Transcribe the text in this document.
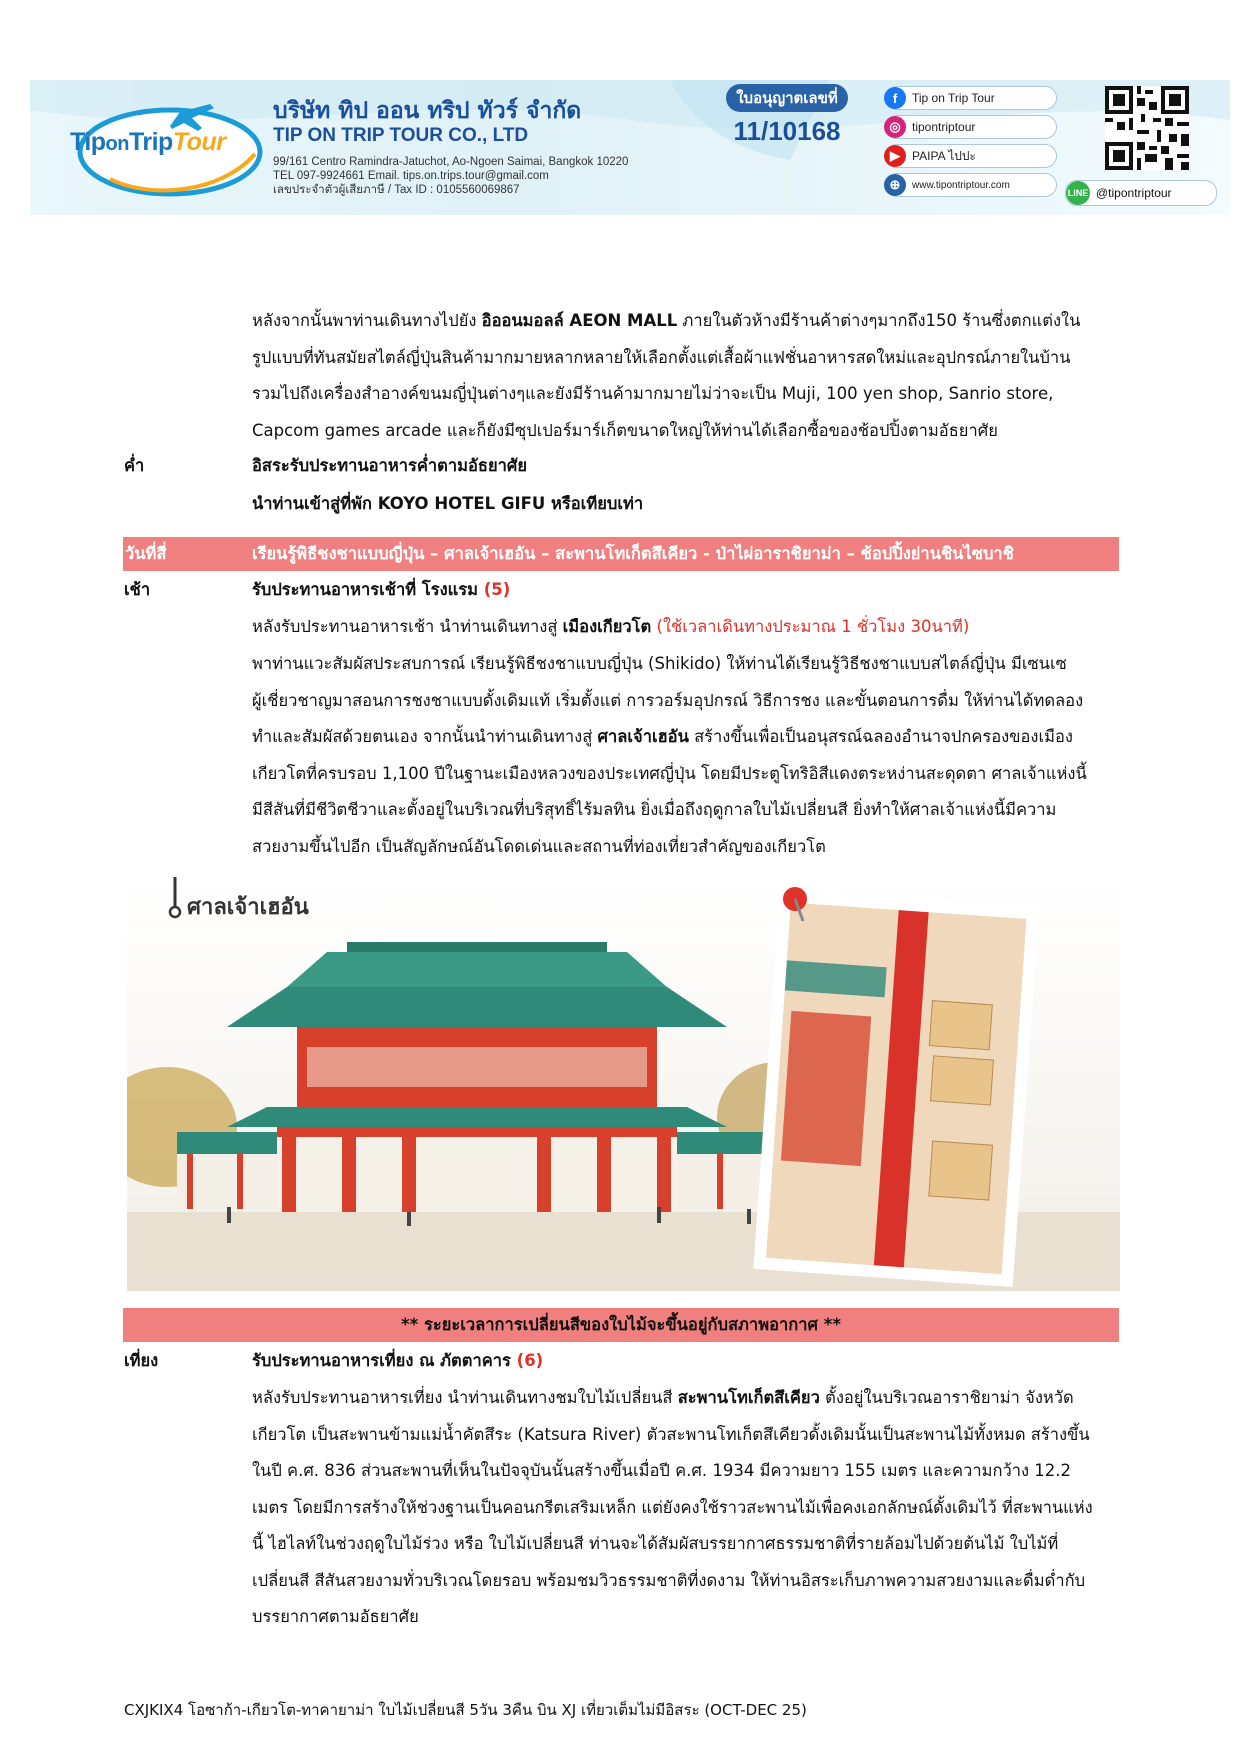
TiponTripTour
บริษัท ทิป ออน ทริป ทัวร์ จำกัด
TIP ON TRIP TOUR CO., LTD
99/161 Centro Ramindra-Jatuchot, Ao-Ngoen Saimai, Bangkok 10220
TEL 097-9924661 Email. tips.on.trips.tour@gmail.com
เลขประจำตัวผู้เสียภาษี / Tax ID : 0105560069867
ใบอนุญาตเลขที่
11/10168
f	Tip on Trip Tour
◎ tipontriptour
▶	PAIPA ไปปะ
⊕	www.tipontriptour.com
LINE @tipontriptour
หลังจากนั้นพาท่านเดินทางไปยัง อิออนมอลล์ AEON MALL ภายในตัวห้างมีร้านค้าต่างๆมากถึง150 ร้านซึ่งตกแต่งใน
รูปแบบที่ทันสมัยสไตล์ญี่ปุ่นสินค้ามากมายหลากหลายให้เลือกตั้งแต่เสื้อผ้าแฟชั่นอาหารสดใหม่และอุปกรณ์ภายในบ้าน
รวมไปถึงเครื่องสำอางค์ขนมญี่ปุ่นต่างๆและยังมีร้านค้ามากมายไม่ว่าจะเป็น Muji, 100 yen shop, Sanrio store,
Capcom games arcade และก็ยังมีซุปเปอร์มาร์เก็ตขนาดใหญ่ให้ท่านได้เลือกซื้อของช้อปปิ้งตามอัธยาศัย
ค่ำ	อิสระรับประทานอาหารค่ำตามอัธยาศัย
นำท่านเข้าสู่ที่พัก KOYO HOTEL GIFU หรือเทียบเท่า
วันที่สี่	เรียนรู้พิธีชงชาแบบญี่ปุ่น – ศาลเจ้าเฮอัน – สะพานโทเก็ตสึเคียว - ป่าไผ่อาราชิยาม่า – ช้อปปิ้งย่านชินไซบาชิ
เช้า	รับประทานอาหารเช้าที่ โรงแรม (5)
หลังรับประทานอาหารเช้า นำท่านเดินทางสู่ เมืองเกียวโต (ใช้เวลาเดินทางประมาณ 1 ชั่วโมง 30นาที)
พาท่านแวะสัมผัสประสบการณ์ เรียนรู้พิธีชงชาแบบญี่ปุ่น (Shikido) ให้ท่านได้เรียนรู้วิธีชงชาแบบสไตล์ญี่ปุ่น มีเซนเซ
ผู้เชี่ยวชาญมาสอนการชงชาแบบดั้งเดิมแท้ เริ่มตั้งแต่ การวอร์มอุปกรณ์ วิธีการชง และขั้นตอนการดื่ม ให้ท่านได้ทดลอง
ทำและสัมผัสด้วยตนเอง จากนั้นนำท่านเดินทางสู่ ศาลเจ้าเฮอัน สร้างขึ้นเพื่อเป็นอนุสรณ์ฉลองอำนาจปกครองของเมือง
เกียวโตที่ครบรอบ 1,100 ปีในฐานะเมืองหลวงของประเทศญี่ปุ่น โดยมีประตูโทริอิสีแดงตระหง่านสะดุดตา ศาลเจ้าแห่งนี้
มีสีสันที่มีชีวิตชีวาและตั้งอยู่ในบริเวณที่บริสุทธิ์ไร้มลทิน ยิ่งเมื่อถึงฤดูกาลใบไม้เปลี่ยนสี ยิ่งทำให้ศาลเจ้าแห่งนี้มีความ
สวยงามขึ้นไปอีก เป็นสัญลักษณ์อันโดดเด่นและสถานที่ท่องเที่ยวสำคัญของเกียวโต
ศาลเจ้าเฮอัน
** ระยะเวลาการเปลี่ยนสีของใบไม้จะขึ้นอยู่กับสภาพอากาศ **
เที่ยง	รับประทานอาหารเที่ยง ณ ภัตตาคาร (6)
หลังรับประทานอาหารเที่ยง นำท่านเดินทางชมใบไม้เปลี่ยนสี สะพานโทเก็ตสึเคียว ตั้งอยู่ในบริเวณอาราชิยาม่า จังหวัด
เกียวโต เป็นสะพานข้ามแม่น้ำคัตสึระ (Katsura River) ตัวสะพานโทเก็ตสึเคียวดั้งเดิมนั้นเป็นสะพานไม้ทั้งหมด สร้างขึ้น
ในปี ค.ศ. 836 ส่วนสะพานที่เห็นในปัจจุบันนั้นสร้างขึ้นเมื่อปี ค.ศ. 1934 มีความยาว 155 เมตร และความกว้าง 12.2
เมตร โดยมีการสร้างให้ช่วงฐานเป็นคอนกรีตเสริมเหล็ก แต่ยังคงใช้ราวสะพานไม้เพื่อคงเอกลักษณ์ดั้งเดิมไว้ ที่สะพานแห่ง
นี้ ไฮไลท์ในช่วงฤดูใบไม้ร่วง หรือ ใบไม้เปลี่ยนสี ท่านจะได้สัมผัสบรรยากาศธรรมชาติที่รายล้อมไปด้วยต้นไม้ ใบไม้ที่
เปลี่ยนสี สีสันสวยงามทั่วบริเวณโดยรอบ พร้อมชมวิวธรรมชาติที่งดงาม ให้ท่านอิสระเก็บภาพความสวยงามและดื่มด่ำกับ
บรรยากาศตามอัธยาศัย
CXJKIX4 โอซาก้า-เกียวโต-ทาคายาม่า ใบไม้เปลี่ยนสี 5วัน 3คืน บิน XJ เที่ยวเต็มไม่มีอิสระ (OCT-DEC 25)
